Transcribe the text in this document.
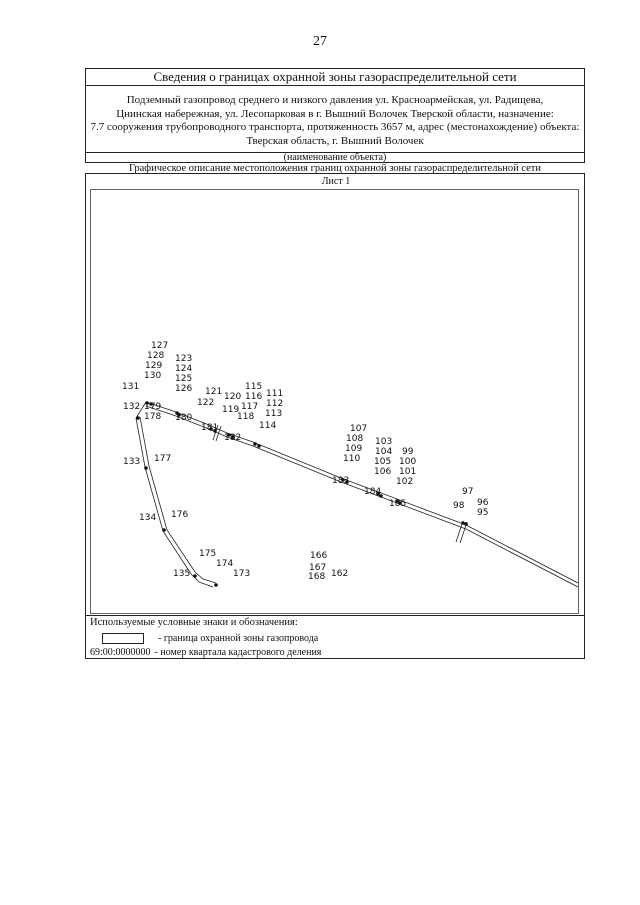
27
Сведения о границах охранной зоны газораспределительной сети
Подземный газопровод среднего и низкого давления ул. Красноармейская, ул. Радищева,
Цнинская набережная, ул. Лесопарковая в г. Вышний Волочек Тверской области, назначение:
7.7 сооружения трубопроводного транспорта, протяженность 3657 м, адрес (местонахождение) объекта:
Тверская область, г. Вышний Волочек
(наименование объекта)
Графическое описание местоположения границ охранной зоны газораспределительной сети
Лист 1
127
128 123
129 124
130 125
131	126	115
121 120 116 111
132 179	122	117 112
119
178 180	118 113
181	114
182
107
108 103
109 104 99
110 105 100
133 177
106 101
183	102
184	97
185	96
98
95
134 176
166
175
174	167
135	173	168 162
Используемые условные знаки и обозначения:
- граница охранной зоны газопровода
69:00:0000000 - номер квартала кадастрового деления
